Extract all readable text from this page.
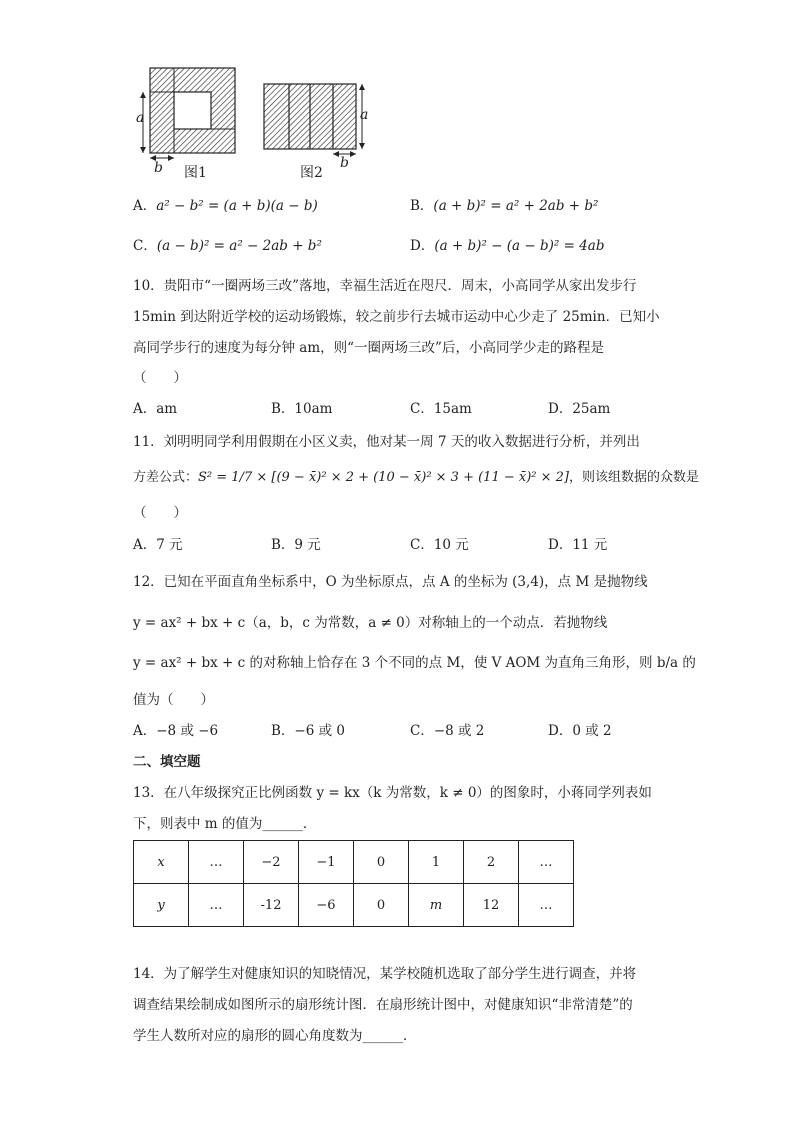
a
b 图1
a
b
图2
A．a² − b² = (a + b)(a − b)	B．(a + b)² = a² + 2ab + b²
C．(a − b)² = a² − 2ab + b²	D．(a + b)² − (a − b)² = 4ab
10．贵阳市“一圈两场三改”落地，幸福生活近在咫尺．周末，小高同学从家出发步行
15min 到达附近学校的运动场锻炼，较之前步行去城市运动中心少走了 25min．已知小
高同学步行的速度为每分钟 am，则“一圈两场三改”后，小高同学少走的路程是
（　　）
A．am	B．10am	C．15am	D．25am
11．刘明明同学利用假期在小区义卖，他对某一周 7 天的收入数据进行分析，并列出
方差公式：S² = 1/7 × [(9 − x̄)² × 2 + (10 − x̄)² × 3 + (11 − x̄)² × 2]，则该组数据的众数是
（　　）
A．7 元	B．9 元	C．10 元	D．11 元
12．已知在平面直角坐标系中，O 为坐标原点，点 A 的坐标为 (3,4)，点 M 是抛物线
y = ax² + bx + c（a，b，c 为常数，a ≠ 0）对称轴上的一个动点．若抛物线
y = ax² + bx + c 的对称轴上恰存在 3 个不同的点 M，使 V AOM 为直角三角形，则 b/a 的
值为（　　）
A．−8 或 −6	B．−6 或 0	C．−8 或 2	D．0 或 2
二、填空题
13．在八年级探究正比例函数 y = kx（k 为常数，k ≠ 0）的图象时，小蒋同学列表如
下，则表中 m 的值为______．
x	…	−2	−1	0	1	2	…
y	…	-12	−6	0	m	12	…
14．为了解学生对健康知识的知晓情况，某学校随机选取了部分学生进行调查，并将
调查结果绘制成如图所示的扇形统计图．在扇形统计图中，对健康知识“非常清楚”的
学生人数所对应的扇形的圆心角度数为______．
